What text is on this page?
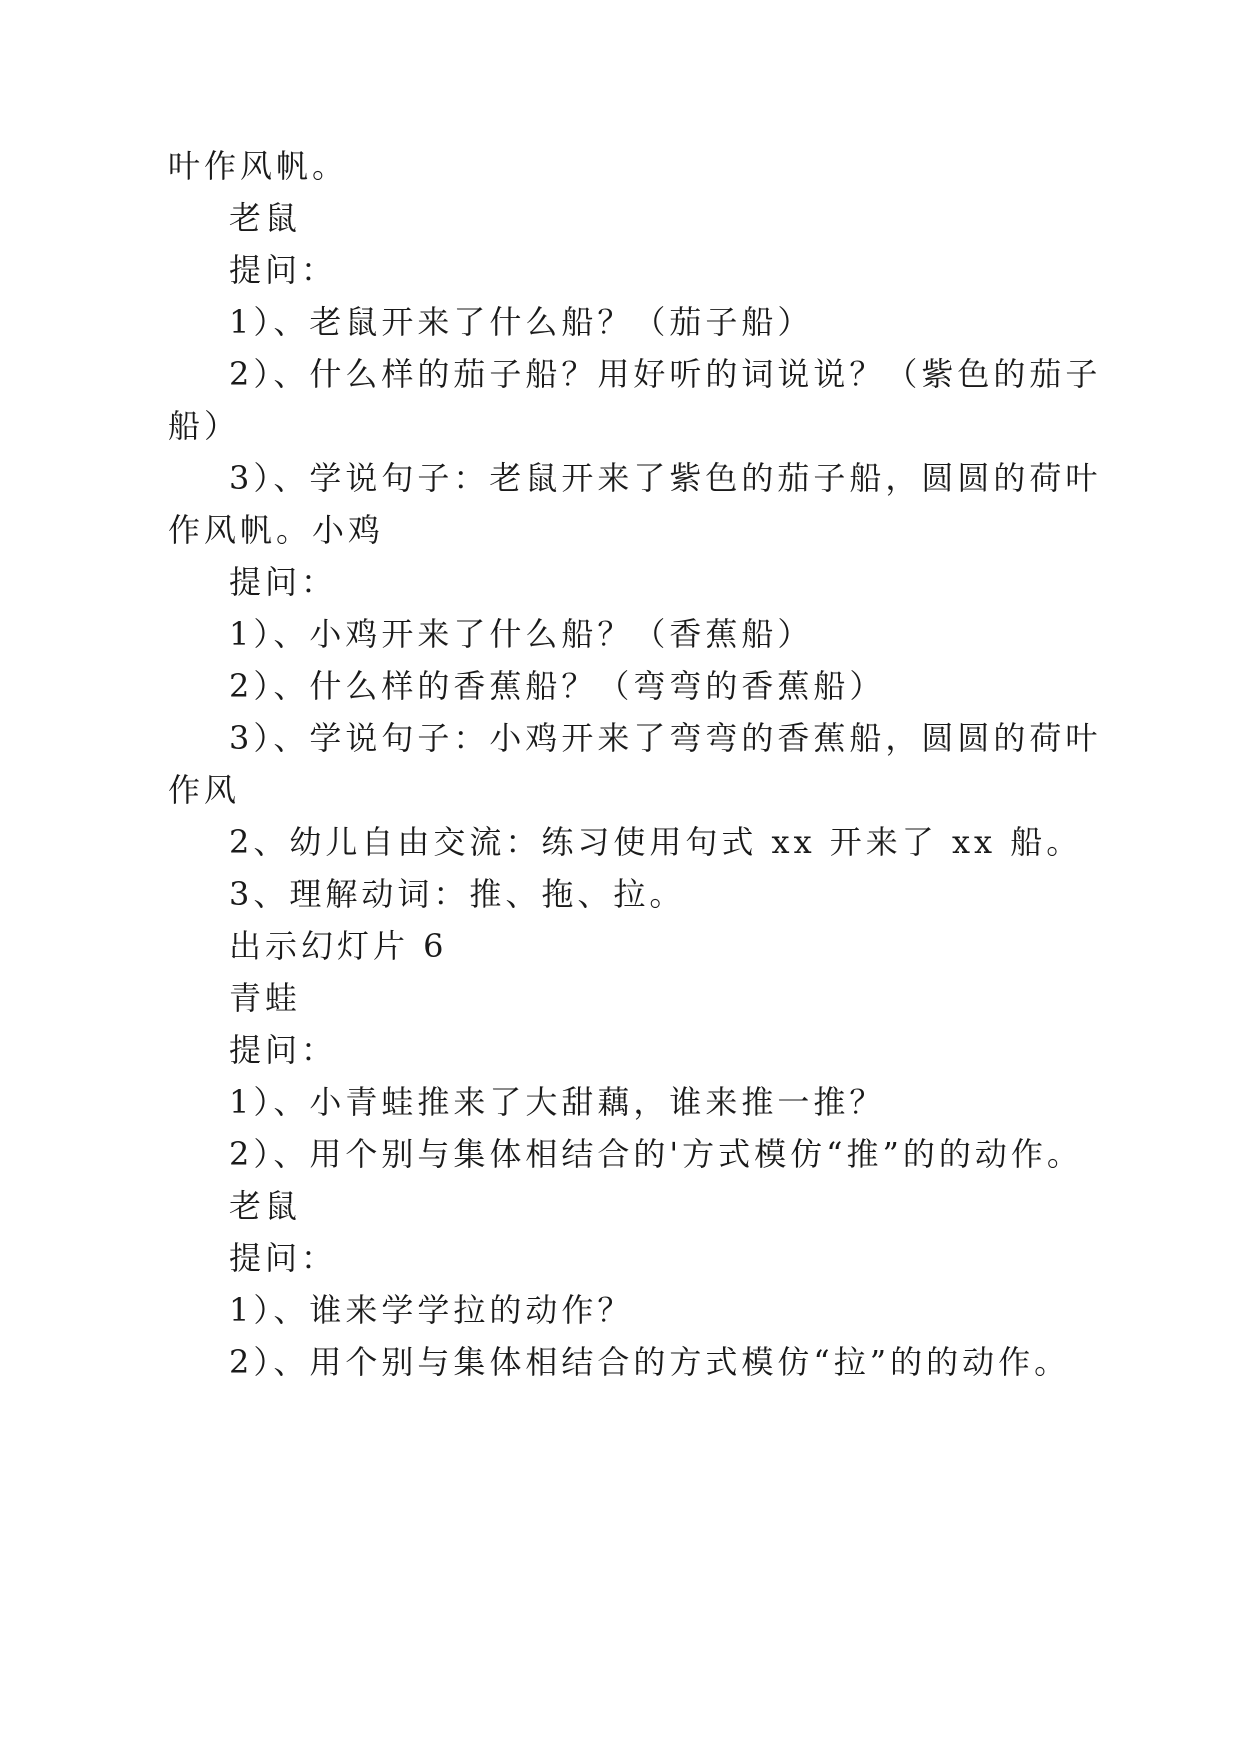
叶作风帆。
老鼠
提问：
1）、老鼠开来了什么船？（茄子船）
2）、什么样的茄子船？用好听的词说说？（紫色的茄子
船）
3）、学说句子：老鼠开来了紫色的茄子船，圆圆的荷叶
作风帆。小鸡
提问：
1）、小鸡开来了什么船？（香蕉船）
2）、什么样的香蕉船？（弯弯的香蕉船）
3）、学说句子：小鸡开来了弯弯的香蕉船，圆圆的荷叶
作风
2、幼儿自由交流：练习使用句式 xx 开来了 xx 船。
3、理解动词：推、拖、拉。
出示幻灯片 6
青蛙
提问：
1）、小青蛙推来了大甜藕，谁来推一推？
2）、用个别与集体相结合的'方式模仿“推”的的动作。
老鼠
提问：
1）、谁来学学拉的动作？
2）、用个别与集体相结合的方式模仿“拉”的的动作。
